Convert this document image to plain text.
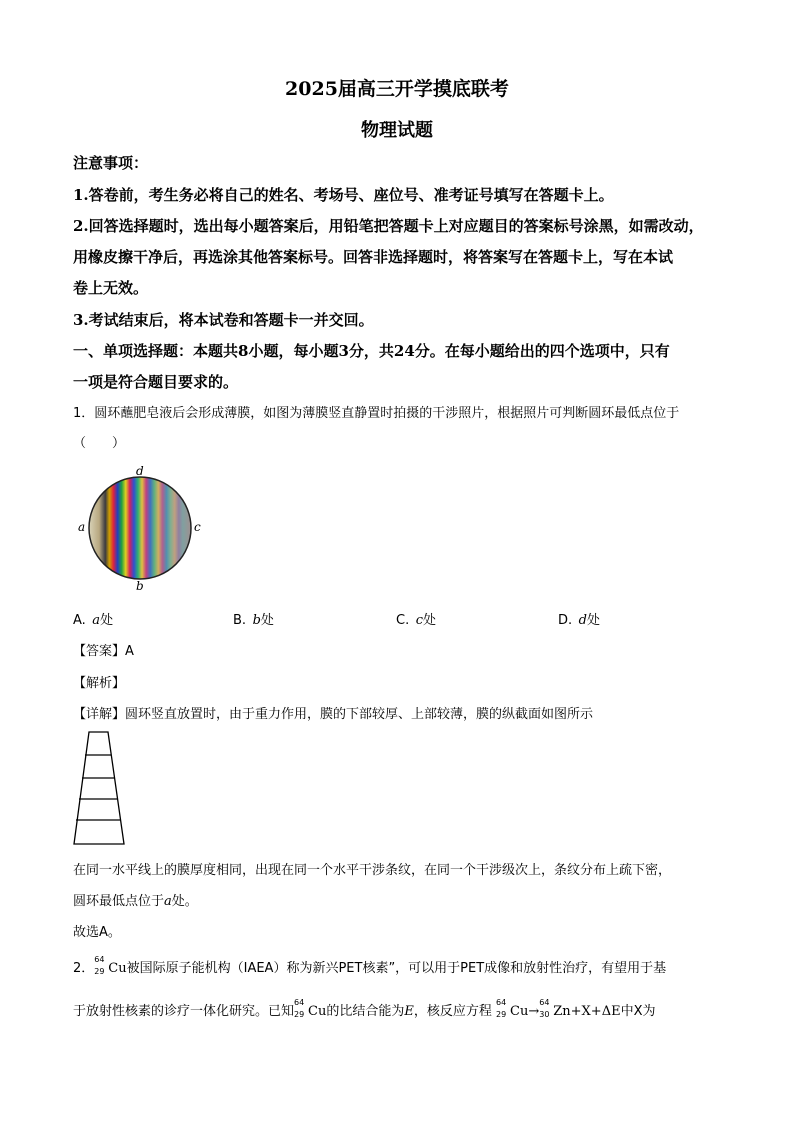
2025届高三开学摸底联考
物理试题
注意事项：
1.答卷前，考生务必将自己的姓名、考场号、座位号、准考证号填写在答题卡上。
2.回答选择题时，选出每小题答案后，用铅笔把答题卡上对应题目的答案标号涂黑，如需改动，
用橡皮擦干净后，再选涂其他答案标号。回答非选择题时，将答案写在答题卡上，写在本试
卷上无效。
3.考试结束后，将本试卷和答题卡一并交回。
一、单项选择题：本题共8小题，每小题3分，共24分。在每小题给出的四个选项中，只有
一项是符合题目要求的。
1．圆环蘸肥皂液后会形成薄膜，如图为薄膜竖直静置时拍摄的干涉照片，根据照片可判断圆环最低点位于
（　　）
d
a	c
b
A.  a处	B.  b处	C.  c处	D.  d处
【答案】A
【解析】
【详解】圆环竖直放置时，由于重力作用，膜的下部较厚、上部较薄，膜的纵截面如图所示
在同一水平线上的膜厚度相同，出现在同一个水平干涉条纹，在同一个干涉级次上，条纹分布上疏下密，
圆环最低点位于a处。
故选A。
2．
64
29 Cu被国际原子能机构（IAEA）称为新兴PET核素”，可以用于PET成像和放射性治疗，有望用于基
于放射性核素的诊疗一体化研究。已知
64
29 Cu的比结合能为E，核反应方程
64
29 Cu→
64
30 Zn+X+ΔE中X为
